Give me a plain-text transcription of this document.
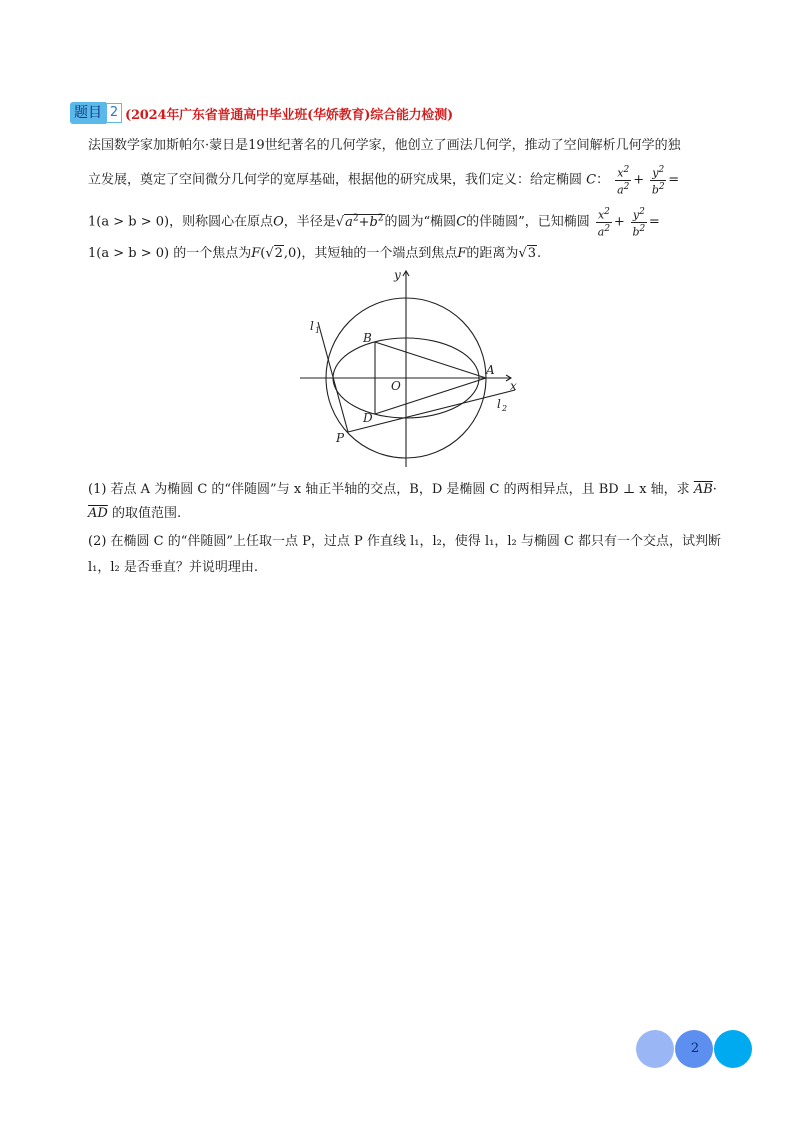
题目 2 (2024年广东省普通高中毕业班(华娇教育)综合能力检测)
法国数学家加斯帕尔·蒙日是19世纪著名的几何学家，他创立了画法几何学，推动了空间解析几何学的独
立发展，奠定了空间微分几何学的宽厚基础，根据他的研究成果，我们定义：给定椭圆 C： $\frac{x^2}{a^2} + \frac{y^2}{b^2}$ =
1(a > b > 0)，则称圆心在原点O，半径是$√a^2+b^2$的圆为“椭圆C的伴随圆”，已知椭圆 $\frac{x^2}{a^2} + \frac{y^2}{b^2}$ =
1(a > b > 0) 的一个焦点为F(√2,0)，其短轴的一个端点到焦点F的距离为√3.
y
x
O
A
B
D
P
l 1
l 2
(1) 若点 A 为椭圆 C 的“伴随圆”与 x 轴正半轴的交点，B，D 是椭圆 C 的两相异点，且 BD ⊥ x 轴，求 $\overline{AB}\cdot$
$\overline{AD}$ 的取值范围.
(2) 在椭圆 C 的“伴随圆”上任取一点 P，过点 P 作直线 l₁，l₂，使得 l₁，l₂ 与椭圆 C 都只有一个交点，试判断
l₁，l₂ 是否垂直？并说明理由.
2
